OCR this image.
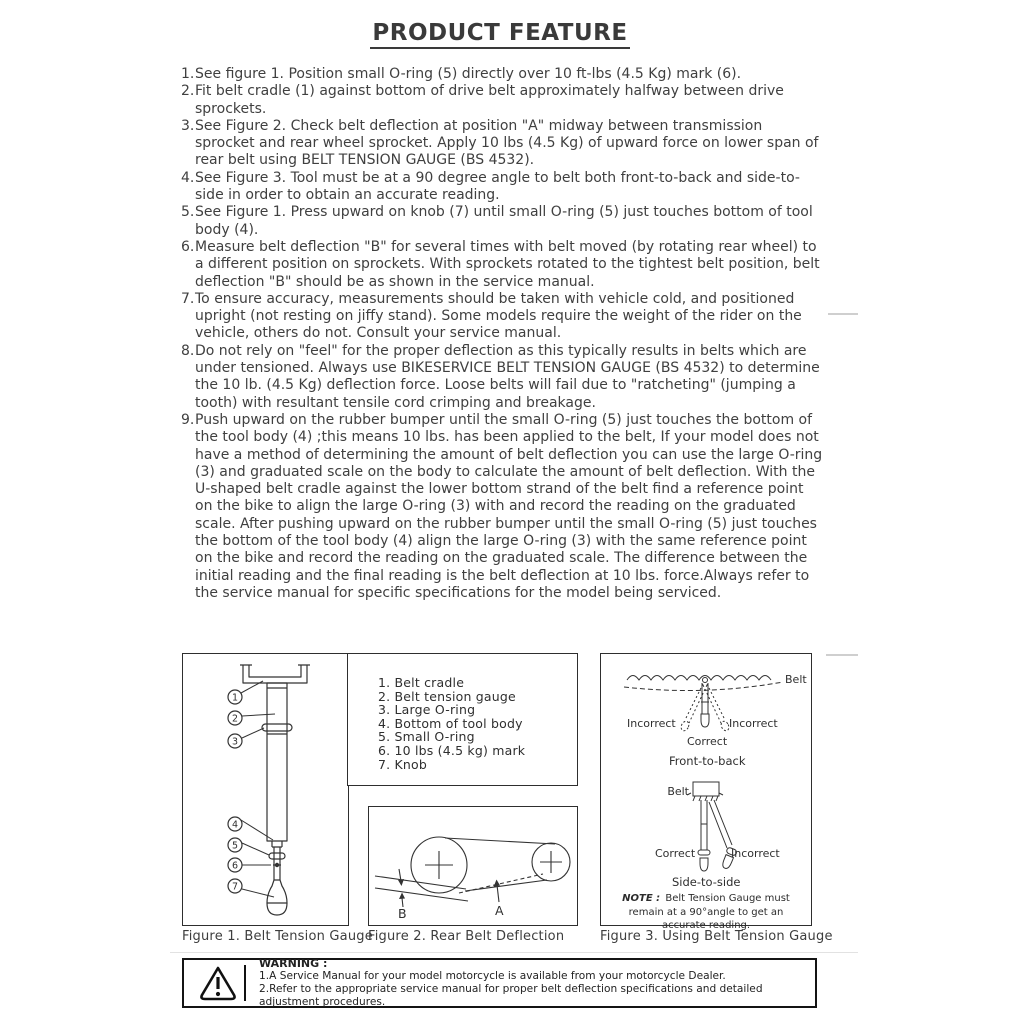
PRODUCT FEATURE
1. See figure 1. Position small O-ring (5) directly over 10 ft-lbs (4.5 Kg) mark (6).
2. Fit belt cradle (1) against bottom of drive belt approximately halfway between drive sprockets.
3. See Figure 2. Check belt deflection at position "A" midway between transmission sprocket and rear wheel sprocket. Apply 10 lbs (4.5 Kg) of upward force on lower span of rear belt using BELT TENSION GAUGE (BS 4532).
4. See Figure 3. Tool must be at a 90 degree angle to belt both front-to-back and side-to-side in order to obtain an accurate reading.
5. See Figure 1. Press upward on knob (7) until small O-ring (5) just touches bottom of tool body (4).
6. Measure belt deflection "B" for several times with belt moved (by rotating rear wheel) to a different position on sprockets. With sprockets rotated to the tightest belt position, belt deflection "B" should be as shown in the service manual.
7. To ensure accuracy, measurements should be taken with vehicle cold, and positioned upright (not resting on jiffy stand). Some models require the weight of the rider on the vehicle, others do not. Consult your service manual.
8. Do not rely on "feel" for the proper deflection as this typically results in belts which are under tensioned. Always use BIKESERVICE BELT TENSION GAUGE (BS 4532) to determine the 10 lb. (4.5 Kg) deflection force. Loose belts will fail due to "ratcheting" (jumping a tooth) with resultant tensile cord crimping and breakage.
9. Push upward on the rubber bumper until the small O-ring (5) just touches the bottom of the tool body (4) ;this means 10 lbs. has been applied to the belt, If your model does not have a method of determining the amount of belt deflection you can use the large O-ring (3) and graduated scale on the body to calculate the amount of belt deflection. With the U-shaped belt cradle against the lower bottom strand of the belt find a reference point on the bike to align the large O-ring (3) with and record the reading on the graduated scale. After pushing upward on the rubber bumper until the small O-ring (5) just touches the bottom of the tool body (4) align the large O-ring (3) with the same reference point on the bike and record the reading on the graduated scale. The difference between the initial reading and the final reading is the belt deflection at 10 lbs. force.Always refer to the service manual for specific specifications for the model being serviced.
1
2
3
4
5
6
7
1. Belt cradle
2. Belt tension gauge
3. Large O-ring
4. Bottom of tool body
5. Small O-ring
6. 10 lbs (4.5 kg) mark
7. Knob
A
B
Belt
Incorrect	Incorrect
Correct
Front-to-back
Belt
Correct	Incorrect
Side-to-side
NOTE : Belt Tension Gauge must remain at a 90°angle to get an accurate reading.
Figure 1. Belt Tension Gauge
Figure 2. Rear Belt Deflection	Figure 3. Using Belt Tension Gauge
WARNING :
1.A Service Manual for your model motorcycle is available from your motorcycle Dealer.
2.Refer to the appropriate service manual for proper belt deflection specifications and detailed adjustment procedures.
